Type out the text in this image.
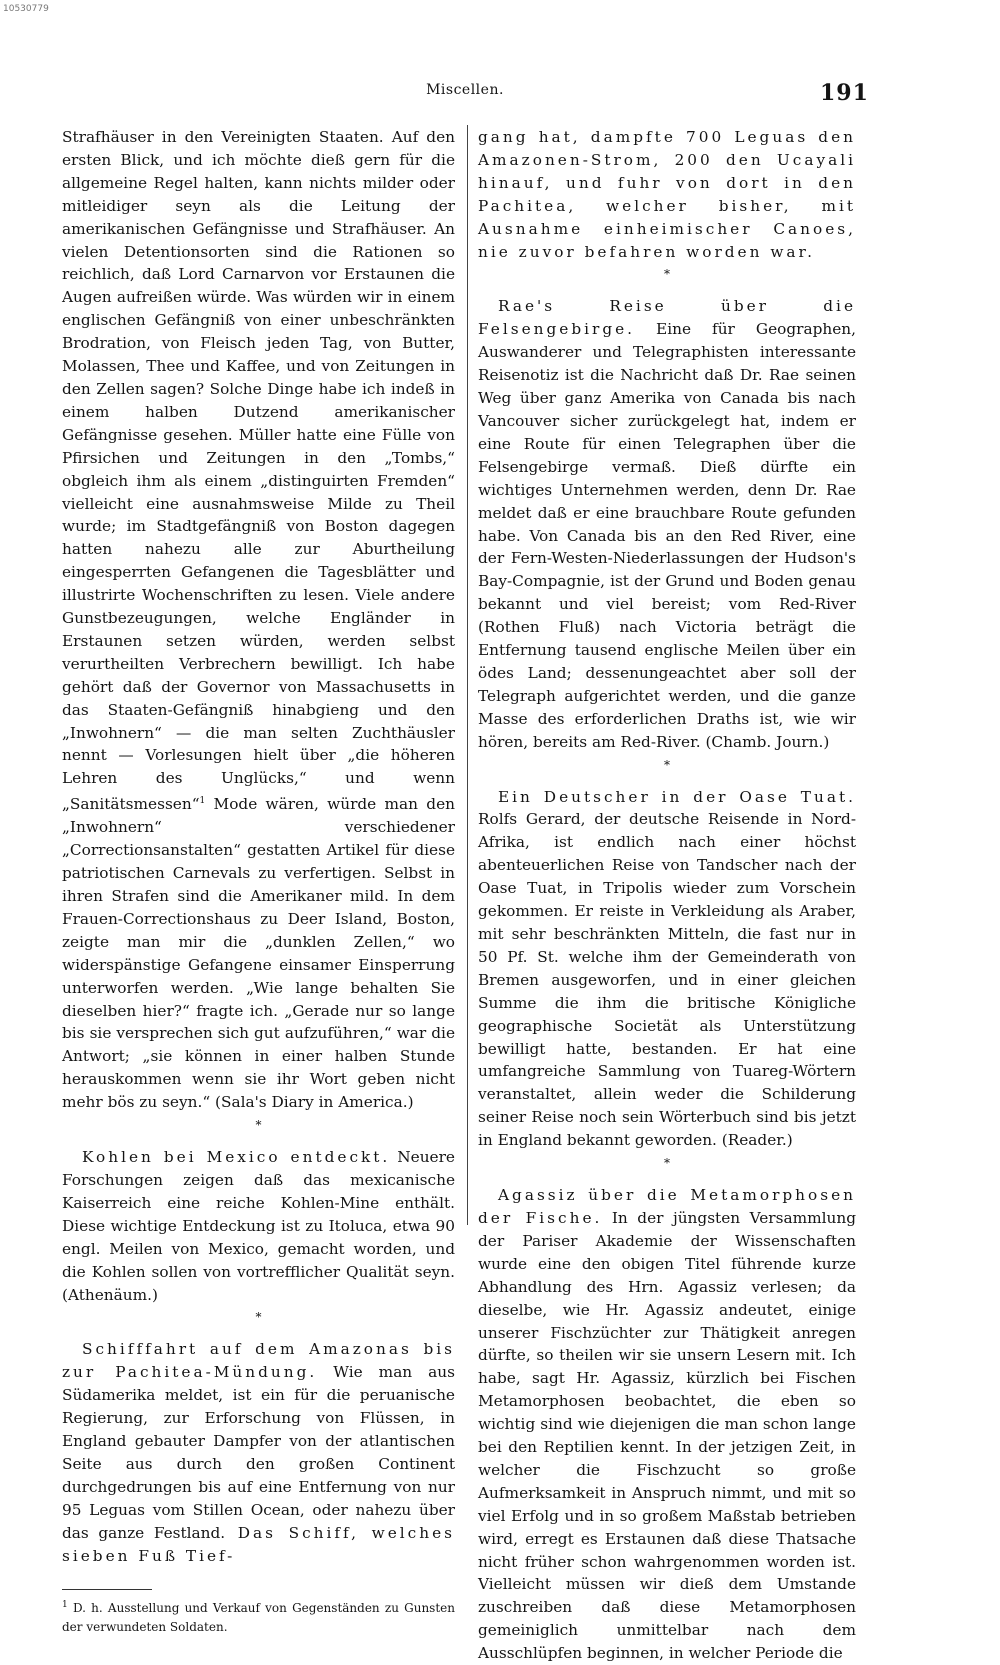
10530779
Miscellen.	191

Strafhäuser in den Vereinigten Staaten. Auf den ersten Blick, und ich möchte dieß gern für die allgemeine Regel halten, kann nichts milder oder mitleidiger seyn als die Leitung der amerikanischen Gefängnisse und Strafhäuser. An vielen Detentionsorten sind die Rationen so reichlich, daß Lord Carnarvon vor Erstaunen die Augen aufreißen würde. Was würden wir in einem englischen Gefängniß von einer unbeschränkten Brodration, von Fleisch jeden Tag, von Butter, Molassen, Thee und Kaffee, und von Zeitungen in den Zellen sagen? Solche Dinge habe ich indeß in einem halben Dutzend amerikanischer Gefängnisse gesehen. Müller hatte eine Fülle von Pfirsichen und Zeitungen in den „Tombs,“ obgleich ihm als einem „distinguirten Fremden“ vielleicht eine ausnahmsweise Milde zu Theil wurde; im Stadtgefängniß von Boston dagegen hatten nahezu alle zur Aburtheilung eingesperrten Gefangenen die Tagesblätter und illustrirte Wochenschriften zu lesen. Viele andere Gunstbezeugungen, welche Engländer in Erstaunen setzen würden, werden selbst verurtheilten Verbrechern bewilligt. Ich habe gehört daß der Governor von Massachusetts in das Staaten-Gefängniß hinabgieng und den „Inwohnern“ — die man selten Zuchthäusler nennt — Vorlesungen hielt über „die höheren Lehren des Unglücks,“ und wenn „Sanitätsmessen“$^1$ Mode wären, würde man den „Inwohnern“ verschiedener „Correctionsanstalten“ gestatten Artikel für diese patriotischen Carnevals zu verfertigen. Selbst in ihren Strafen sind die Amerikaner mild. In dem Frauen-Correctionshaus zu Deer Island, Boston, zeigte man mir die „dunklen Zellen,“ wo widerspänstige Gefangene einsamer Einsperrung unterworfen werden. „Wie lange behalten Sie dieselben hier?“ fragte ich. „Gerade nur so lange bis sie versprechen sich gut aufzuführen,“ war die Antwort; „sie können in einer halben Stunde herauskommen wenn sie ihr Wort geben nicht mehr bös zu seyn.“ (Sala's Diary in America.)

*

Kohlen bei Mexico entdeckt. Neuere Forschungen zeigen daß das mexicanische Kaiserreich eine reiche Kohlen-Mine enthält. Diese wichtige Entdeckung ist zu Itoluca, etwa 90 engl. Meilen von Mexico, gemacht worden, und die Kohlen sollen von vortrefflicher Qualität seyn. (Athenäum.)

*

Schifffahrt auf dem Amazonas bis zur Pachitea-Mündung. Wie man aus Südamerika meldet, ist ein für die peruanische Regierung, zur Erforschung von Flüssen, in England gebauter Dampfer von der atlantischen Seite aus durch den großen Continent durchgedrungen bis auf eine Entfernung von nur 95 Leguas vom Stillen Ocean, oder nahezu über das ganze Festland. Das Schiff, welches sieben Fuß Tief-

$^1$ D. h. Ausstellung und Verkauf von Gegenständen zu Gunsten der verwundeten Soldaten.

gang hat, dampfte 700 Leguas den Amazonen-Strom, 200 den Ucayali hinauf, und fuhr von dort in den Pachitea, welcher bisher, mit Ausnahme einheimischer Canoes, nie zuvor befahren worden war.

*

Rae's Reise über die Felsengebirge. Eine für Geographen, Auswanderer und Telegraphisten interessante Reisenotiz ist die Nachricht daß Dr. Rae seinen Weg über ganz Amerika von Canada bis nach Vancouver sicher zurückgelegt hat, indem er eine Route für einen Telegraphen über die Felsengebirge vermaß. Dieß dürfte ein wichtiges Unternehmen werden, denn Dr. Rae meldet daß er eine brauchbare Route gefunden habe. Von Canada bis an den Red River, eine der Fern-Westen-Niederlassungen der Hudson's Bay-Compagnie, ist der Grund und Boden genau bekannt und viel bereist; vom Red-River (Rothen Fluß) nach Victoria beträgt die Entfernung tausend englische Meilen über ein ödes Land; dessenungeachtet aber soll der Telegraph aufgerichtet werden, und die ganze Masse des erforderlichen Draths ist, wie wir hören, bereits am Red-River. (Chamb. Journ.)

*

Ein Deutscher in der Oase Tuat. Rolfs Gerard, der deutsche Reisende in Nord-Afrika, ist endlich nach einer höchst abenteuerlichen Reise von Tandscher nach der Oase Tuat, in Tripolis wieder zum Vorschein gekommen. Er reiste in Verkleidung als Araber, mit sehr beschränkten Mitteln, die fast nur in 50 Pf. St. welche ihm der Gemeinderath von Bremen ausgeworfen, und in einer gleichen Summe die ihm die britische Königliche geographische Societät als Unterstützung bewilligt hatte, bestanden. Er hat eine umfangreiche Sammlung von Tuareg-Wörtern veranstaltet, allein weder die Schilderung seiner Reise noch sein Wörterbuch sind bis jetzt in England bekannt geworden. (Reader.)

*

Agassiz über die Metamorphosen der Fische. In der jüngsten Versammlung der Pariser Akademie der Wissenschaften wurde eine den obigen Titel führende kurze Abhandlung des Hrn. Agassiz verlesen; da dieselbe, wie Hr. Agassiz andeutet, einige unserer Fischzüchter zur Thätigkeit anregen dürfte, so theilen wir sie unsern Lesern mit. Ich habe, sagt Hr. Agassiz, kürzlich bei Fischen Metamorphosen beobachtet, die eben so wichtig sind wie diejenigen die man schon lange bei den Reptilien kennt. In der jetzigen Zeit, in welcher die Fischzucht so große Aufmerksamkeit in Anspruch nimmt, und mit so viel Erfolg und in so großem Maßstab betrieben wird, erregt es Erstaunen daß diese Thatsache nicht früher schon wahrgenommen worden ist. Vielleicht müssen wir dieß dem Umstande zuschreiben daß diese Metamorphosen gemeiniglich unmittelbar nach dem Ausschlüpfen beginnen, in welcher Periode die
